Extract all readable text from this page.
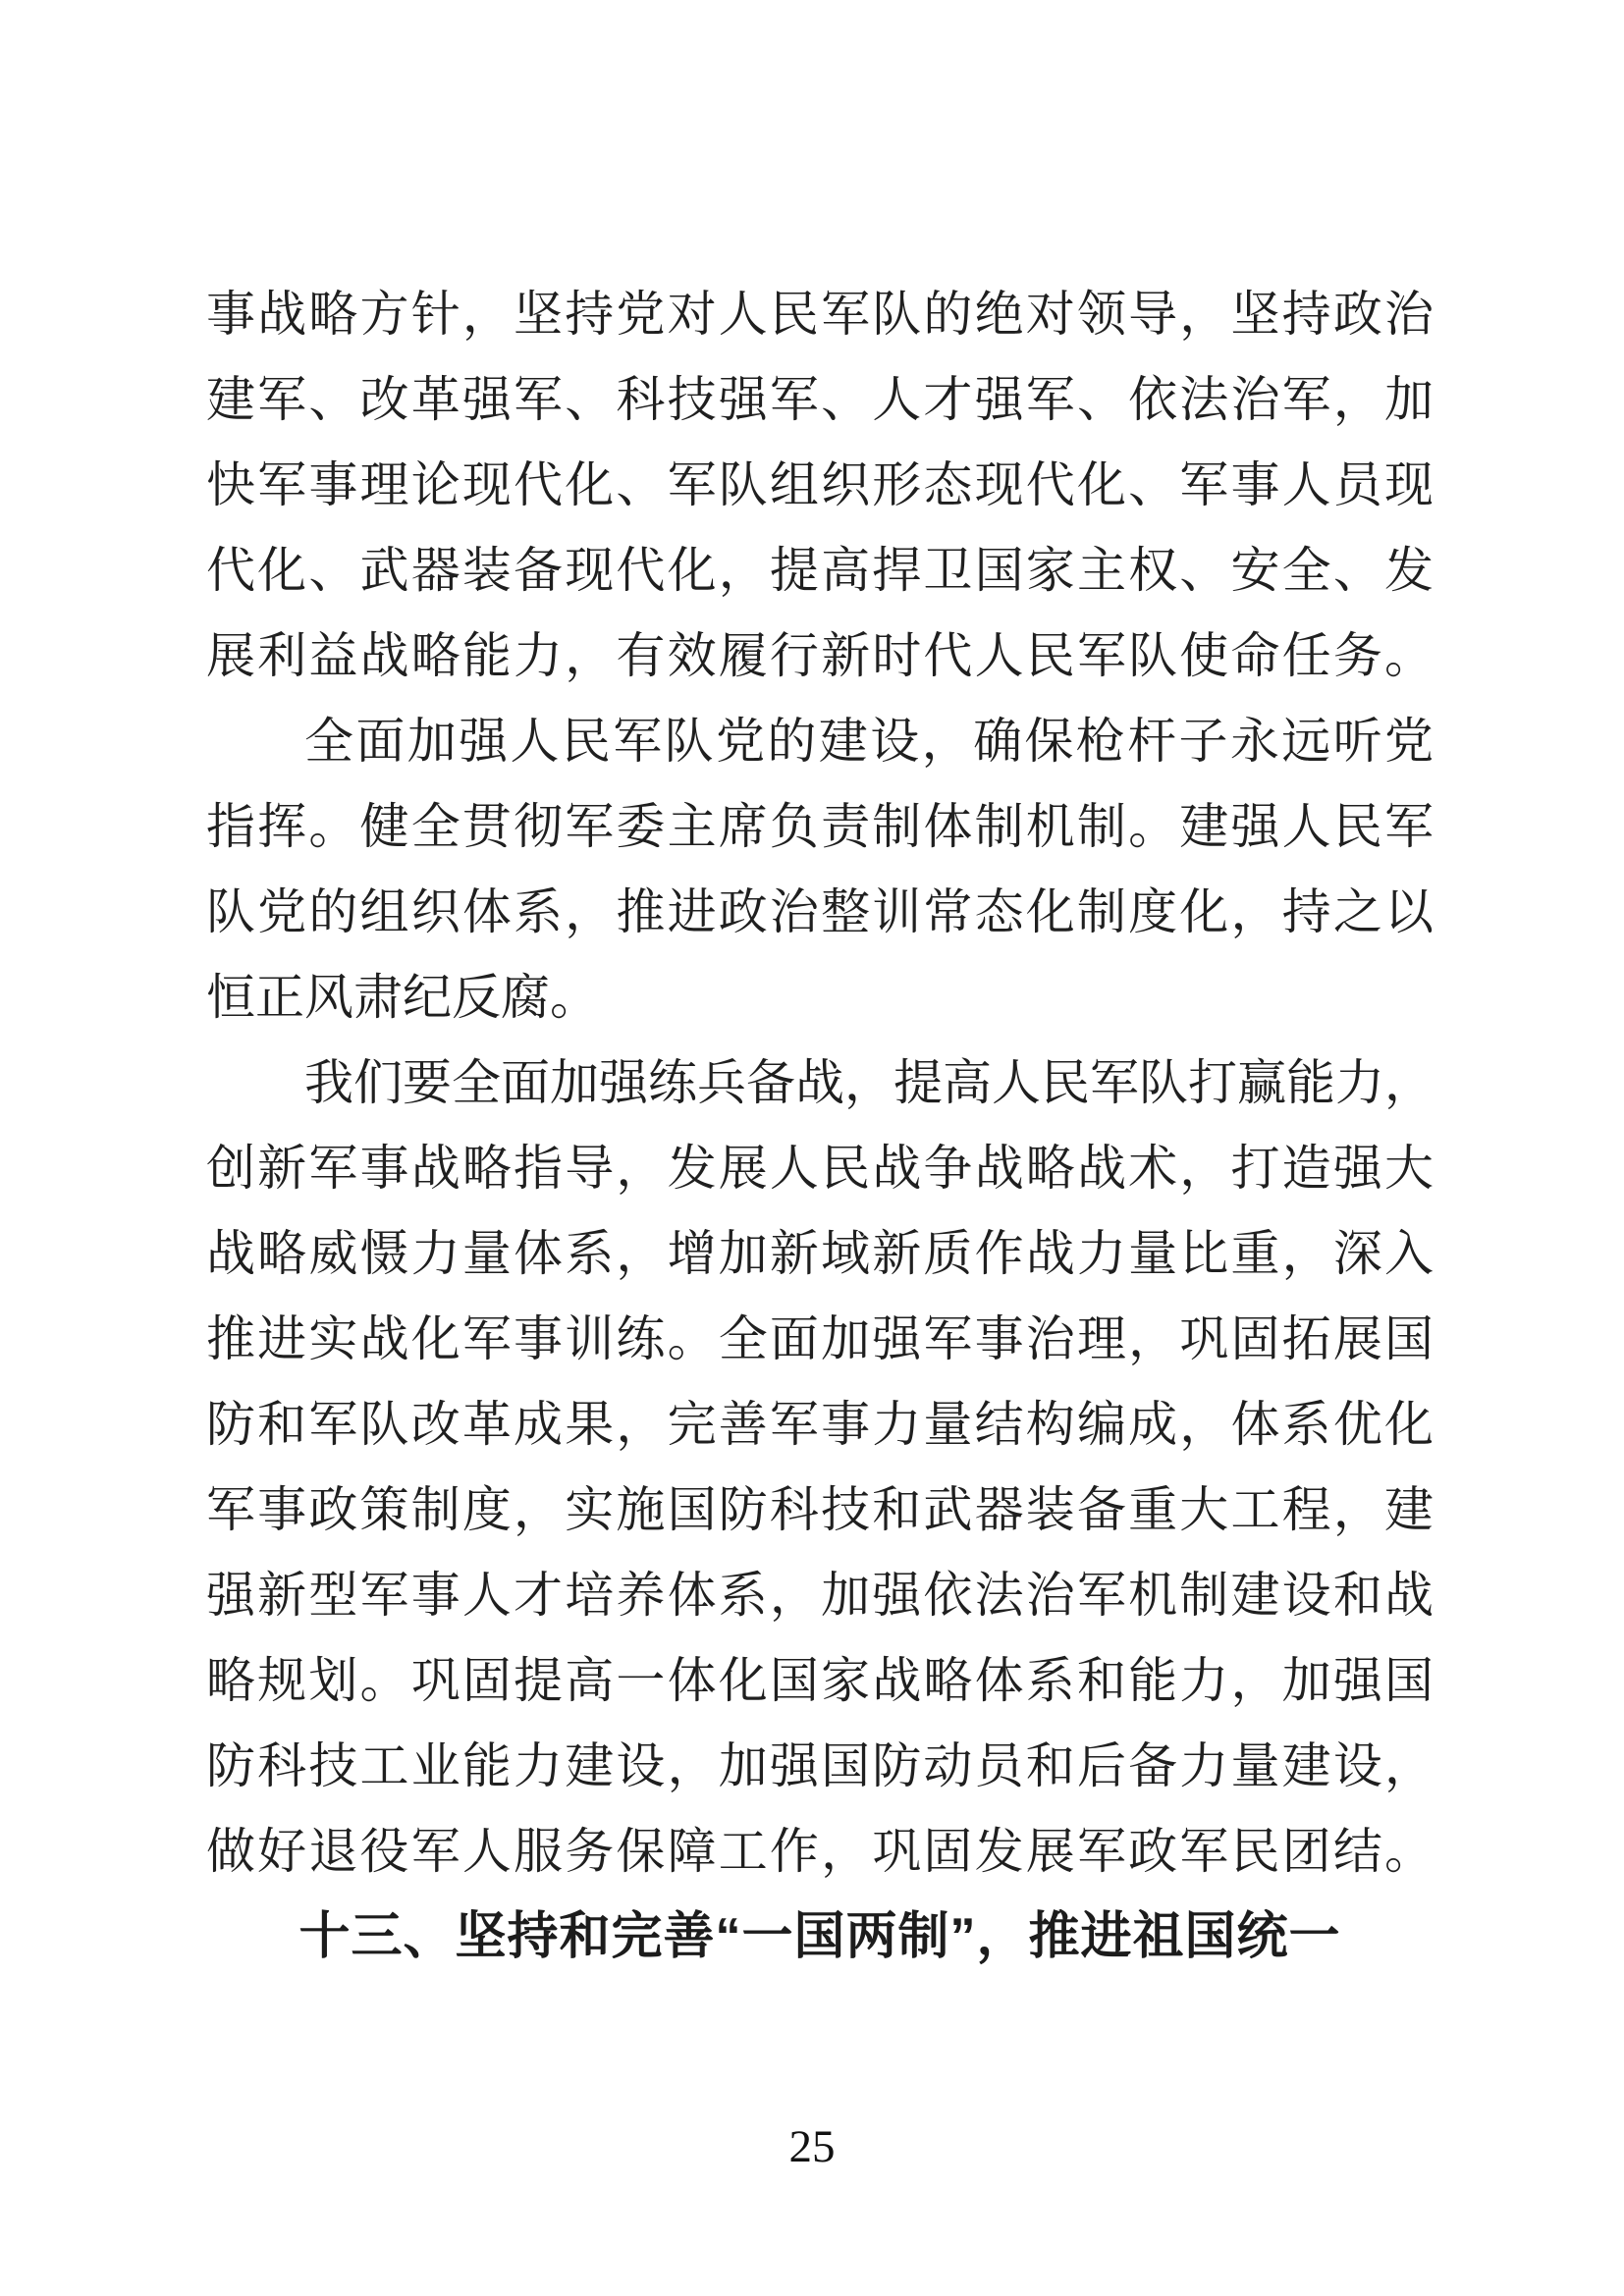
事战略方针，坚持党对人民军队的绝对领导，坚持政治
建军、改革强军、科技强军、人才强军、依法治军，加
快军事理论现代化、军队组织形态现代化、军事人员现
代化、武器装备现代化，提高捍卫国家主权、安全、发
展利益战略能力，有效履行新时代人民军队使命任务。
全面加强人民军队党的建设，确保枪杆子永远听党
指挥。健全贯彻军委主席负责制体制机制。建强人民军
队党的组织体系，推进政治整训常态化制度化，持之以
恒正风肃纪反腐。
我们要全面加强练兵备战，提高人民军队打赢能力，
创新军事战略指导，发展人民战争战略战术，打造强大
战略威慑力量体系，增加新域新质作战力量比重，深入
推进实战化军事训练。全面加强军事治理，巩固拓展国
防和军队改革成果，完善军事力量结构编成，体系优化
军事政策制度，实施国防科技和武器装备重大工程，建
强新型军事人才培养体系，加强依法治军机制建设和战
略规划。巩固提高一体化国家战略体系和能力，加强国
防科技工业能力建设，加强国防动员和后备力量建设，
做好退役军人服务保障工作，巩固发展军政军民团结。
十三、坚持和完善“一国两制”，推进祖国统一
25
